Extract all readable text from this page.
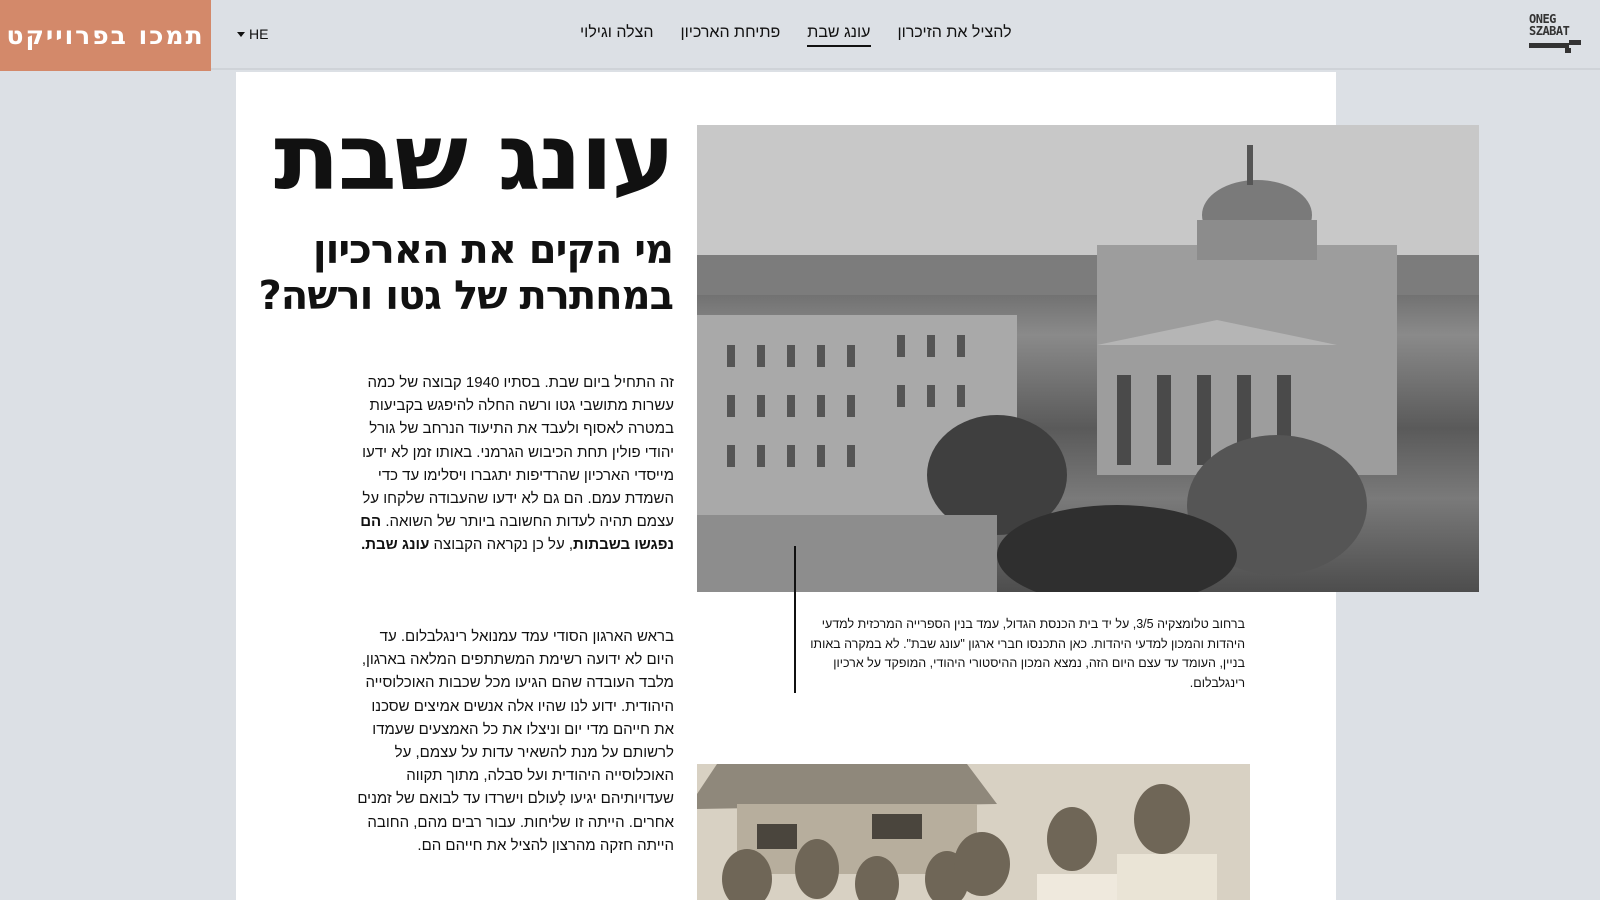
תמכו בפרוייקט	HE	הצלה וגילוי פתיחת הארכיון עונג שבת להציל את הזיכרון
ONEG
SZABAT
עונג שבת
מי הקים את הארכיון במחתרת של גטו ורשה?

זה התחיל ביום שבת. בסתיו 1940 קבוצה של כמה עשרות מתושבי גטו ורשה החלה להיפגש בקביעות במטרה לאסוף ולעבד את התיעוד הנרחב של גורל יהודי פולין תחת הכיבוש הגרמני. באותו זמן לא ידעו מייסדי הארכיון שהרדיפות יתגברו ויסלימו עד כדי השמדת עמם. הם גם לא ידעו שהעבודה שלקחו על עצמם תהיה לעדות החשובה ביותר של השואה. הם נפגשו בשבתות, על כן נקראה הקבוצה עונג שבת.

בראש הארגון הסודי עמד עמנואל רינגלבלום. עד היום לא ידועה רשימת המשתתפים המלאה בארגון, מלבד העובדה שהם הגיעו מכל שכבות האוכלוסייה היהודית. ידוע לנו שהיו אלה אנשים אמיצים שסכנו את חייהם מדי יום וניצלו את כל האמצעים שעמדו לרשותם על מנת להשאיר עדות על עצמם, על האוכלוסייה היהודית ועל סבלה, מתוך תקווה שעדויותיהם יגיעו לָעולם וישרדו עד לבואם של זמנים אחרים. הייתה זו שליחות. עבור רבים מהם, החובה הייתה חזקה מהרצון להציל את חייהם הם.

ברחוב טלומצקיה 3/5, על יד בית הכנסת הגדול, עמד בנין הספרייה המרכזית למדעי היהדות והמכון למדעי היהדות. כאן התכנסו חברי ארגון "עונג שבת". לא במקרה באותו בניין, העומד עד עצם היום הזה, נמצא המכון ההיסטורי היהודי, המופקד על ארכיון רינגלבלום.
